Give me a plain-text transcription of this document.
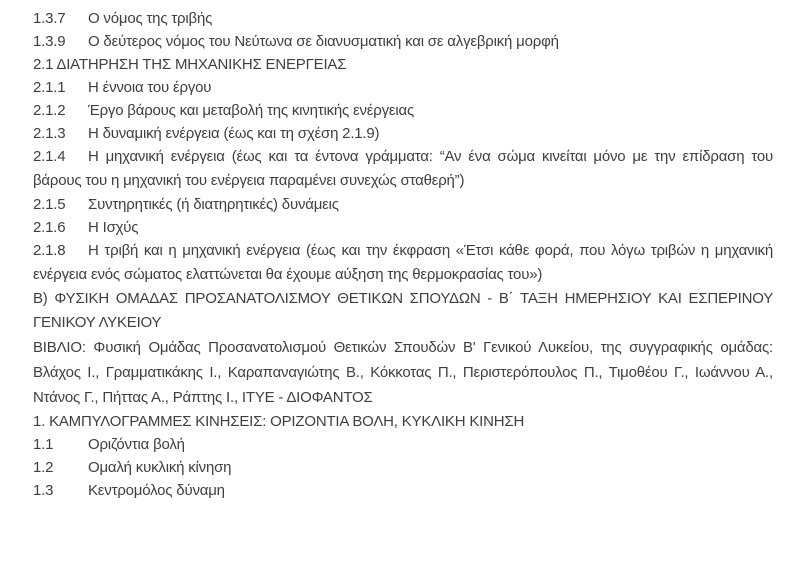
1.3.7 Ο νόμος της τριβής

1.3.9 Ο δεύτερος νόμος του Νεύτωνα σε διανυσματική και σε αλγεβρική μορφή

2.1 ΔΙΑΤΗΡΗΣΗ ΤΗΣ ΜΗΧΑΝΙΚΗΣ ΕΝΕΡΓΕΙΑΣ

2.1.1 Η έννοια του έργου

2.1.2 Έργο βάρους και μεταβολή της κινητικής ενέργειας

2.1.3 Η δυναμική ενέργεια (έως και τη σχέση 2.1.9)

2.1.4 Η μηχανική ενέργεια (έως και τα έντονα γράμματα: “Αν ένα σώμα κινείται μόνο με την επίδραση του βάρους του η μηχανική του ενέργεια παραμένει συνεχώς σταθερή”)

2.1.5 Συντηρητικές (ή διατηρητικές) δυνάμεις

2.1.6 Η Ισχύς

2.1.8 Η τριβή και η μηχανική ενέργεια (έως και την έκφραση «Έτσι κάθε φορά, που λόγω τριβών η μηχανική ενέργεια ενός σώματος ελαττώνεται θα έχουμε αύξηση της θερμοκρασίας του»)

Β) ΦΥΣΙΚΗ ΟΜΑΔΑΣ ΠΡΟΣΑΝΑΤΟΛΙΣΜΟΥ ΘΕΤΙΚΩΝ ΣΠΟΥΔΩΝ - Β΄ ΤΑΞΗ ΗΜΕΡΗΣΙΟΥ ΚΑΙ ΕΣΠΕΡΙΝΟΥ ΓΕΝΙΚΟΥ ΛΥΚΕΙΟΥ

ΒΙΒΛΙΟ: Φυσική Ομάδας Προσανατολισμού Θετικών Σπουδών Β' Γενικού Λυκείου, της συγγραφικής ομάδας: Βλάχος Ι., Γραμματικάκης Ι., Καραπαναγιώτης Β., Κόκκοτας Π., Περιστερόπουλος Π., Τιμοθέου Γ., Ιωάννου Α., Ντάνος Γ., Πήττας Α., Ράπτης Ι., ΙΤΥΕ - ΔΙΟΦΑΝΤΟΣ

1. ΚΑΜΠΥΛΟΓΡΑΜΜΕΣ ΚΙΝΗΣΕΙΣ: ΟΡΙΖΟΝΤΙΑ ΒΟΛΗ, ΚΥΚΛΙΚΗ ΚΙΝΗΣΗ

1.1 Οριζόντια βολή

1.2 Ομαλή κυκλική κίνηση

1.3 Κεντρομόλος δύναμη
